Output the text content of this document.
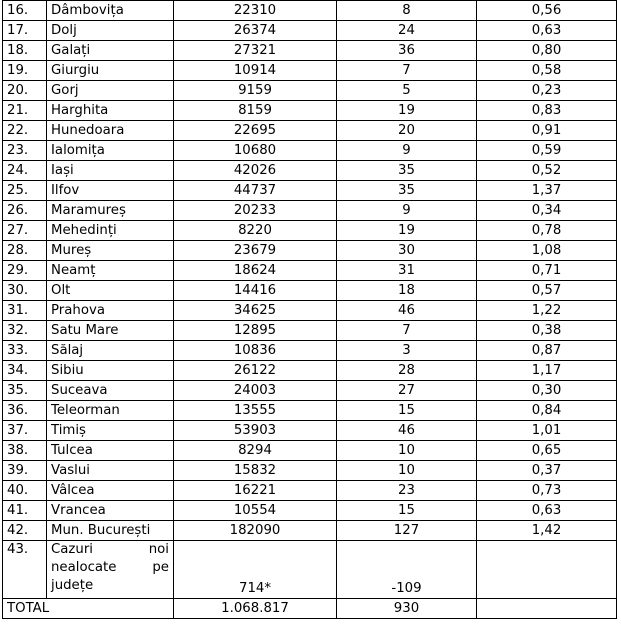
16.	Dâmbovița	22310	8	0,56
17.	Dolj	26374	24	0,63
18.	Galați	27321	36	0,80
19.	Giurgiu	10914	7	0,58
20.	Gorj	9159	5	0,23
21.	Harghita	8159	19	0,83
22.	Hunedoara	22695	20	0,91
23.	Ialomița	10680	9	0,59
24.	Iași	42026	35	0,52
25.	Ilfov	44737	35	1,37
26.	Maramureș	20233	9	0,34
27.	Mehedinți	8220	19	0,78
28.	Mureș	23679	30	1,08
29.	Neamț	18624	31	0,71
30.	Olt	14416	18	0,57
31.	Prahova	34625	46	1,22
32.	Satu Mare	12895	7	0,38
33.	Sălaj	10836	3	0,87
34.	Sibiu	26122	28	1,17
35.	Suceava	24003	27	0,30
36.	Teleorman	13555	15	0,84
37.	Timiș	53903	46	1,01
38.	Tulcea	8294	10	0,65
39.	Vaslui	15832	10	0,37
40.	Vâlcea	16221	23	0,73
41.	Vrancea	10554	15	0,63
42.	Mun. București	182090	127	1,42
43.	Cazuri noi nealocate pe județe	714*	-109	
TOTAL		1.068.817	930	
